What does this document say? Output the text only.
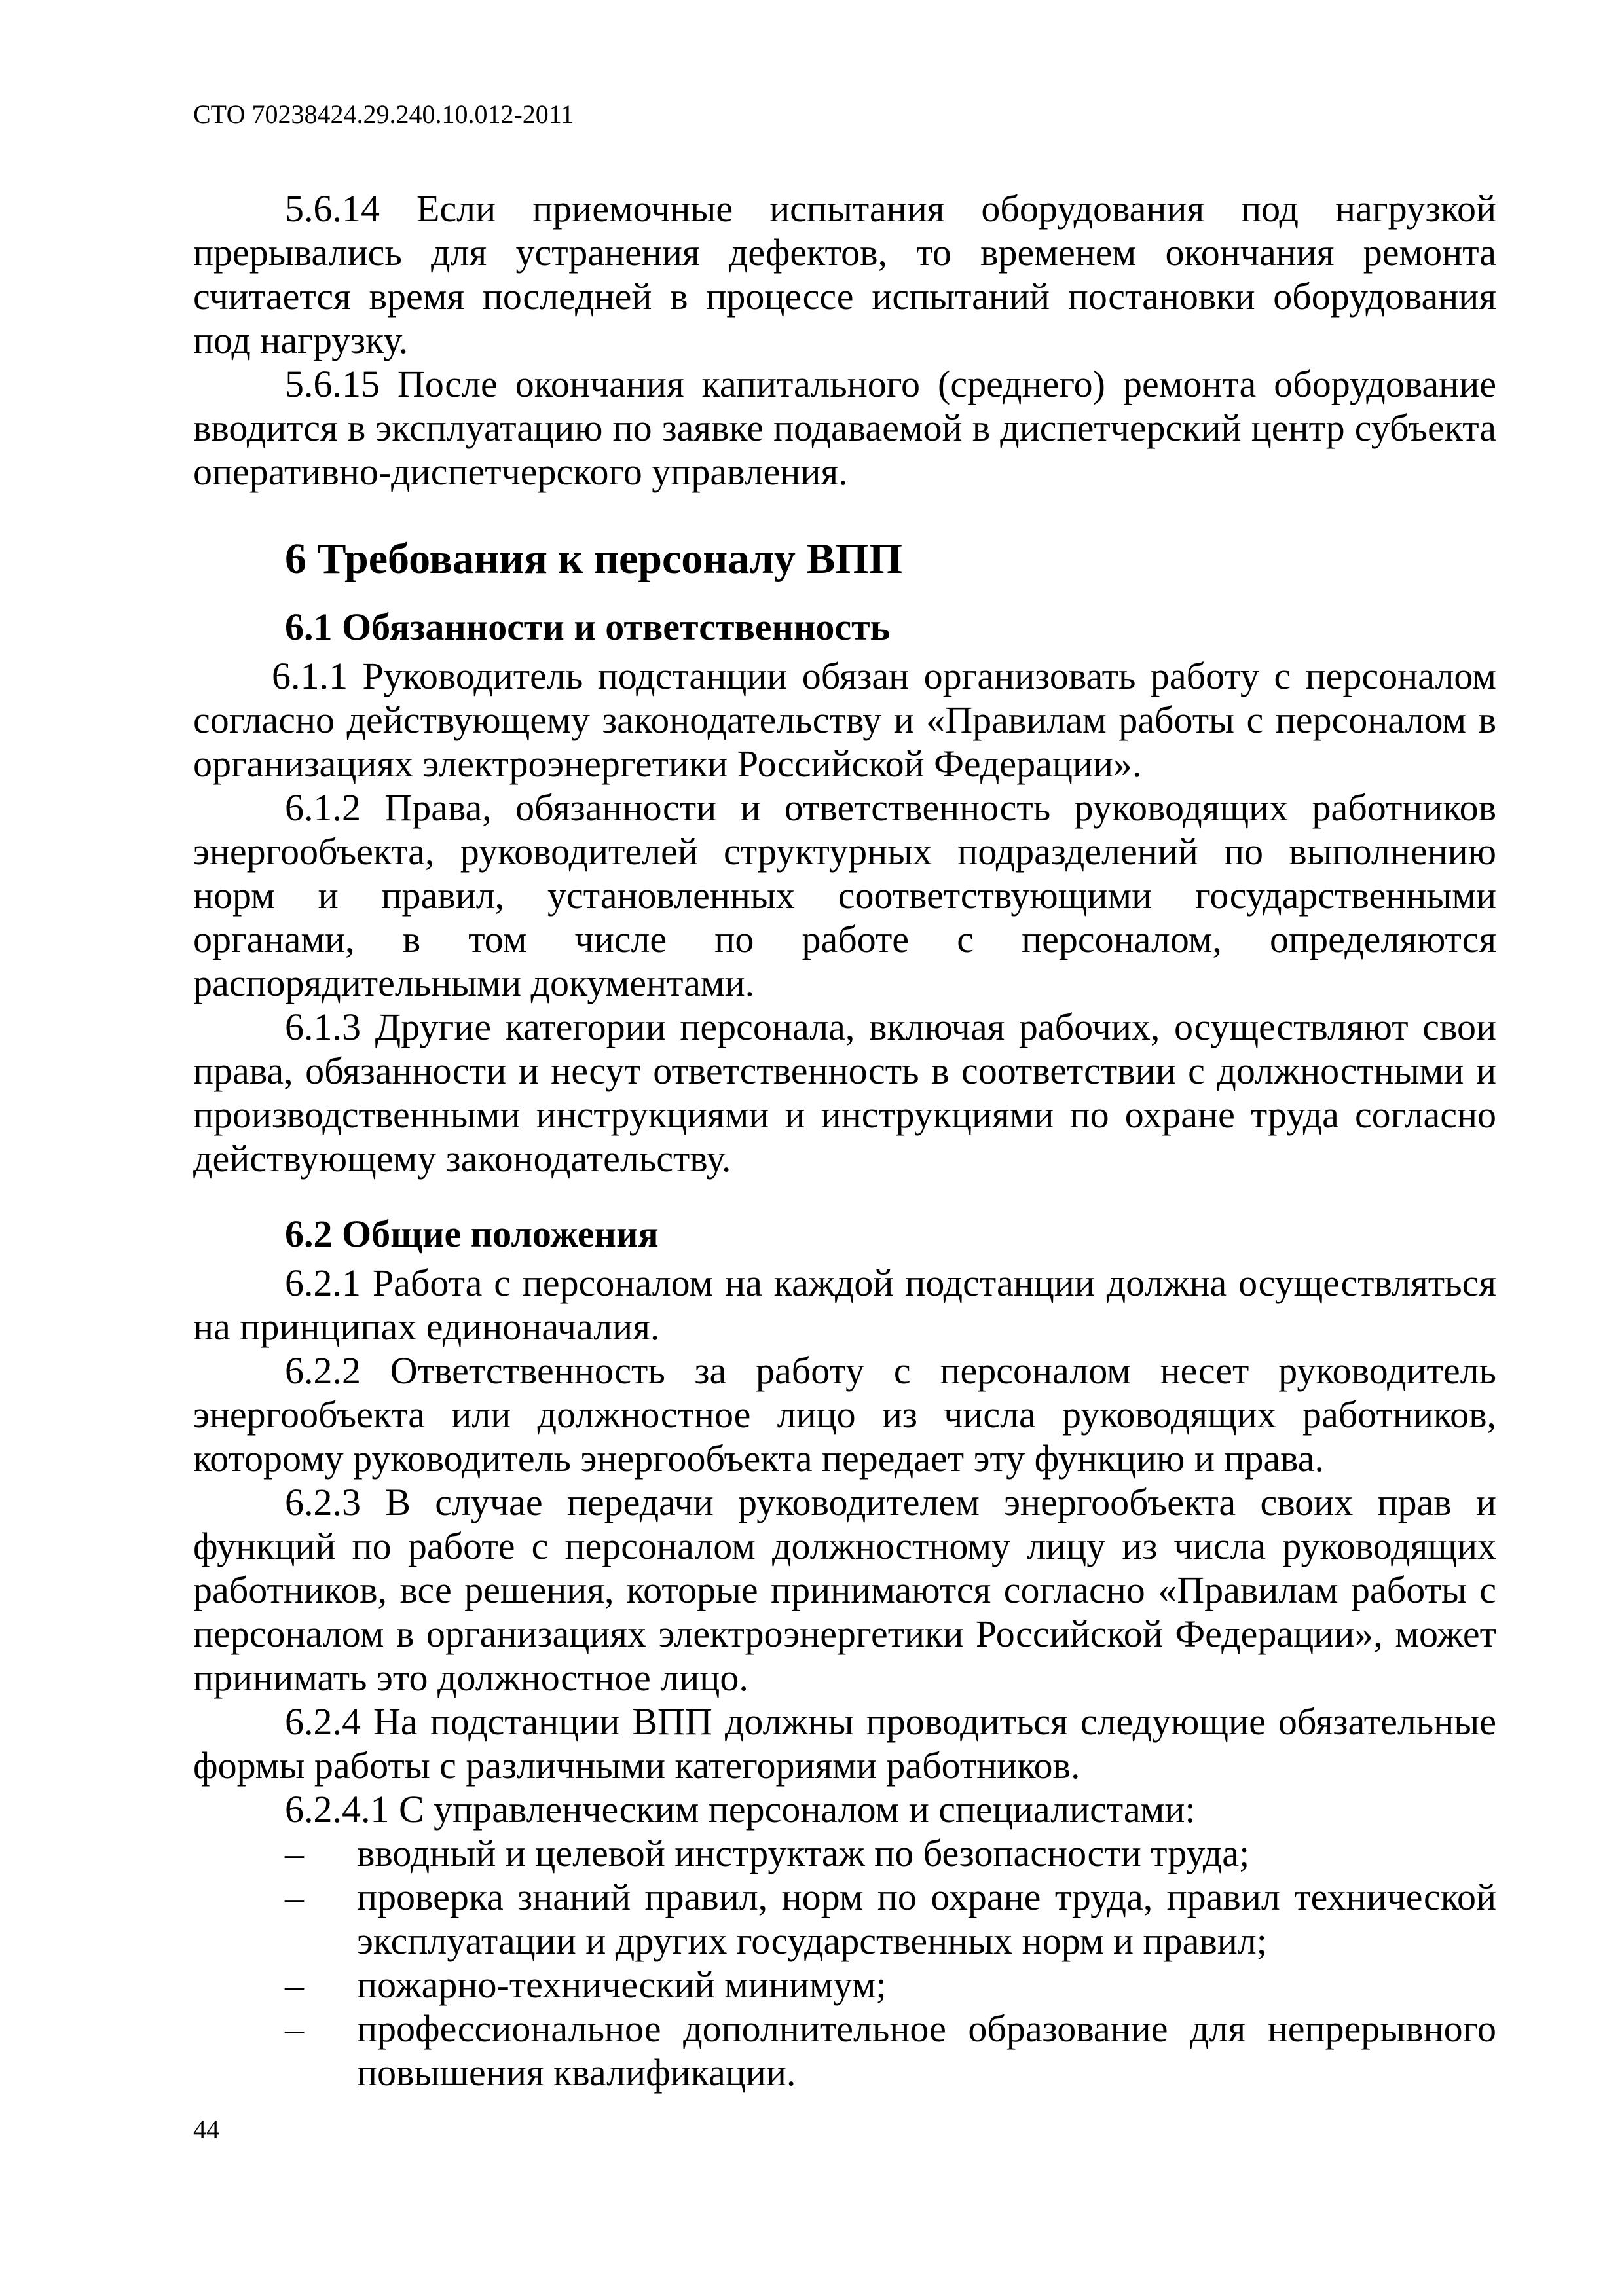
СТО 70238424.29.240.10.012-2011

5.6.14 Если приемочные испытания оборудования под нагрузкой прерывались для устранения дефектов, то временем окончания ремонта считается время последней в процессе испытаний постановки оборудования под нагрузку.

5.6.15 После окончания капитального (среднего) ремонта оборудование вводится в эксплуатацию по заявке подаваемой в диспетчерский центр субъекта оперативно-диспетчерского управления.

6 Требования к персоналу ВПП
6.1 Обязанности и ответственность

6.1.1 Руководитель подстанции обязан организовать работу с персоналом согласно действующему законодательству и «Правилам работы с персоналом в организациях электроэнергетики Российской Федерации».

6.1.2 Права, обязанности и ответственность руководящих работников энергообъекта, руководителей структурных подразделений по выполнению норм и правил, установленных соответствующими государственными органами, в том числе по работе с персоналом, определяются распорядительными документами.

6.1.3 Другие категории персонала, включая рабочих, осуществляют свои права, обязанности и несут ответственность в соответствии с должностными и производственными инструкциями и инструкциями по охране труда согласно действующему законодательству.

6.2 Общие положения

6.2.1 Работа с персоналом на каждой подстанции должна осуществляться на принципах единоначалия.

6.2.2 Ответственность за работу с персоналом несет руководитель энергообъекта или должностное лицо из числа руководящих работников, которому руководитель энергообъекта передает эту функцию и права.

6.2.3 В случае передачи руководителем энергообъекта своих прав и функций по работе с персоналом должностному лицу из числа руководящих работников, все решения, которые принимаются согласно «Правилам работы с персоналом в организациях электроэнергетики Российской Федерации», может принимать это должностное лицо.

6.2.4 На подстанции ВПП должны проводиться следующие обязательные формы работы с различными категориями работников.

6.2.4.1 С управленческим персоналом и специалистами:

– вводный и целевой инструктаж по безопасности труда;
– проверка знаний правил, норм по охране труда, правил технической эксплуатации и других государственных норм и правил;
– пожарно-технический минимум;
– профессиональное дополнительное образование для непрерывного повышения квалификации.
44
